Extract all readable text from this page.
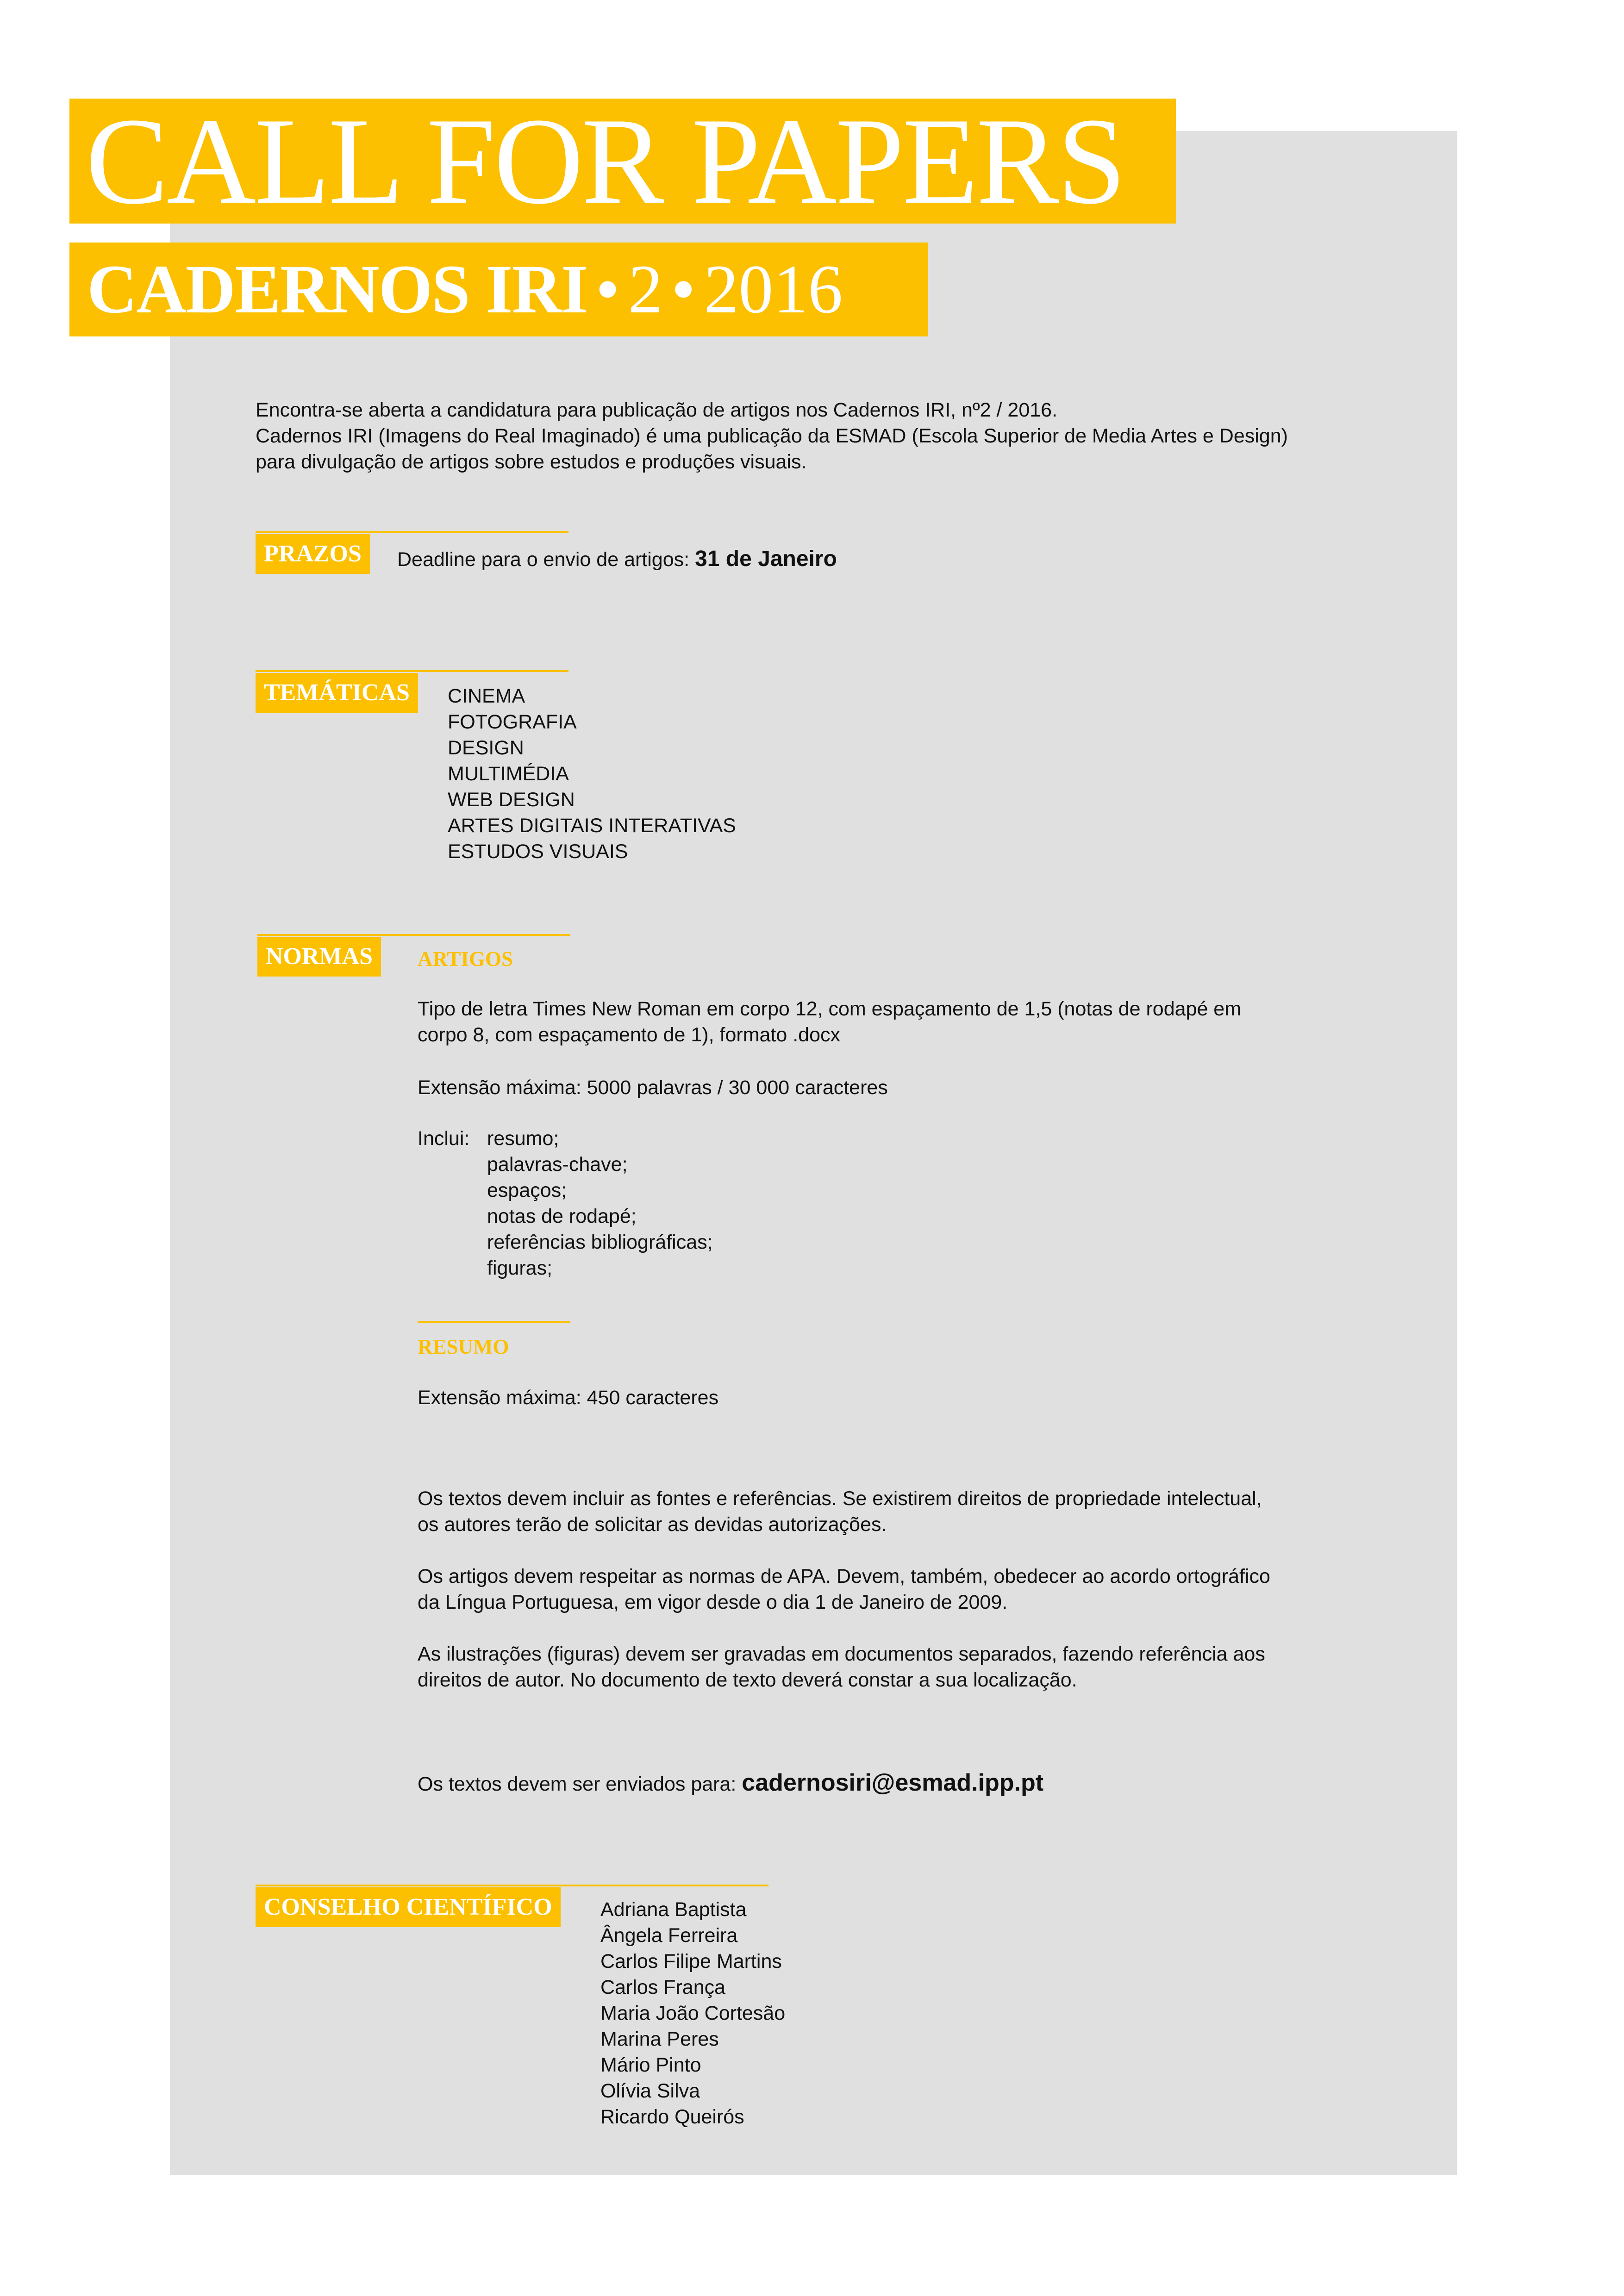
CALL FOR PAPERS
CADERNOS IRI • 2 • 2016
Encontra-se aberta a candidatura para publicação de artigos nos Cadernos IRI, nº2 / 2016.
Cadernos IRI (Imagens do Real Imaginado) é uma publicação da ESMAD (Escola Superior de Media Artes e Design)
para divulgação de artigos sobre estudos e produções visuais.
PRAZOS	Deadline para o envio de artigos: 31 de Janeiro
TEMÁTICAS	CINEMA
FOTOGRAFIA
DESIGN
MULTIMÉDIA
WEB DESIGN
ARTES DIGITAIS INTERATIVAS
ESTUDOS VISUAIS
NORMAS	ARTIGOS
Tipo de letra Times New Roman em corpo 12, com espaçamento de 1,5 (notas de rodapé em
corpo 8, com espaçamento de 1), formato .docx
Extensão máxima: 5000 palavras / 30 000 caracteres
Inclui: resumo;
palavras-chave;
espaços;
notas de rodapé;
referências bibliográficas;
figuras;
RESUMO
Extensão máxima: 450 caracteres
Os textos devem incluir as fontes e referências. Se existirem direitos de propriedade intelectual,
os autores terão de solicitar as devidas autorizações.
Os artigos devem respeitar as normas de APA. Devem, também, obedecer ao acordo ortográfico
da Língua Portuguesa, em vigor desde o dia 1 de Janeiro de 2009.
As ilustrações (figuras) devem ser gravadas em documentos separados, fazendo referência aos
direitos de autor. No documento de texto deverá constar a sua localização.
Os textos devem ser enviados para: cadernosiri@esmad.ipp.pt
CONSELHO CIENTÍFICO	Adriana Baptista
Ângela Ferreira
Carlos Filipe Martins
Carlos França
Maria João Cortesão
Marina Peres
Mário Pinto
Olívia Silva
Ricardo Queirós
